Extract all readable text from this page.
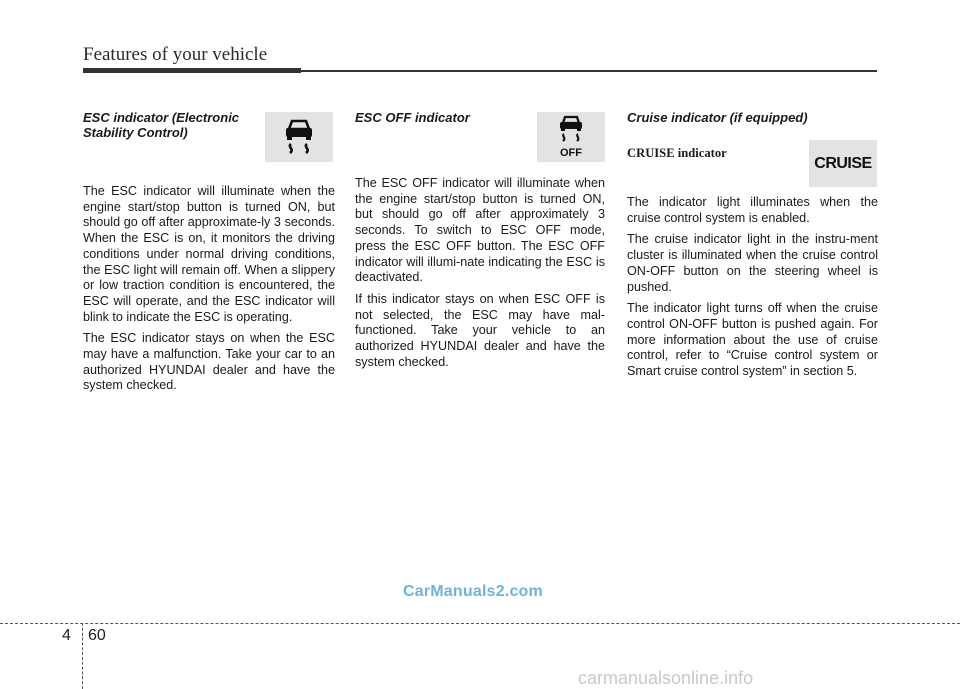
Features of your vehicle

ESC indicator (Electronic Stability Control)

The ESC indicator will illuminate when the engine start/stop button is turned ON, but should go off after approximate-ly 3 seconds. When the ESC is on, it monitors the driving conditions under normal driving conditions, the ESC light will remain off. When a slippery or low traction condition is encountered, the ESC will operate, and the ESC indicator will blink to indicate the ESC is operating.

The ESC indicator stays on when the ESC may have a malfunction. Take your car to an authorized HYUNDAI dealer and have the system checked.

ESC OFF indicator

The ESC OFF indicator will illuminate when the engine start/stop button is turned ON, but should go off after approximately 3 seconds. To switch to ESC OFF mode, press the ESC OFF button. The ESC OFF indicator will illumi-nate indicating the ESC is deactivated.

If this indicator stays on when ESC OFF is not selected, the ESC may have mal-functioned. Take your vehicle to an authorized HYUNDAI dealer and have the system checked.

OFF

Cruise indicator (if equipped)

CRUISE indicator
CRUISE

The indicator light illuminates when the cruise control system is enabled.

The cruise indicator light in the instru-ment cluster is illuminated when the cruise control ON-OFF button on the steering wheel is pushed.

The indicator light turns off when the cruise control ON-OFF button is pushed again. For more information about the use of cruise control, refer to “Cruise control system or Smart cruise control system” in section 5.

CarManuals2.com
4 60
carmanualsonline.info
